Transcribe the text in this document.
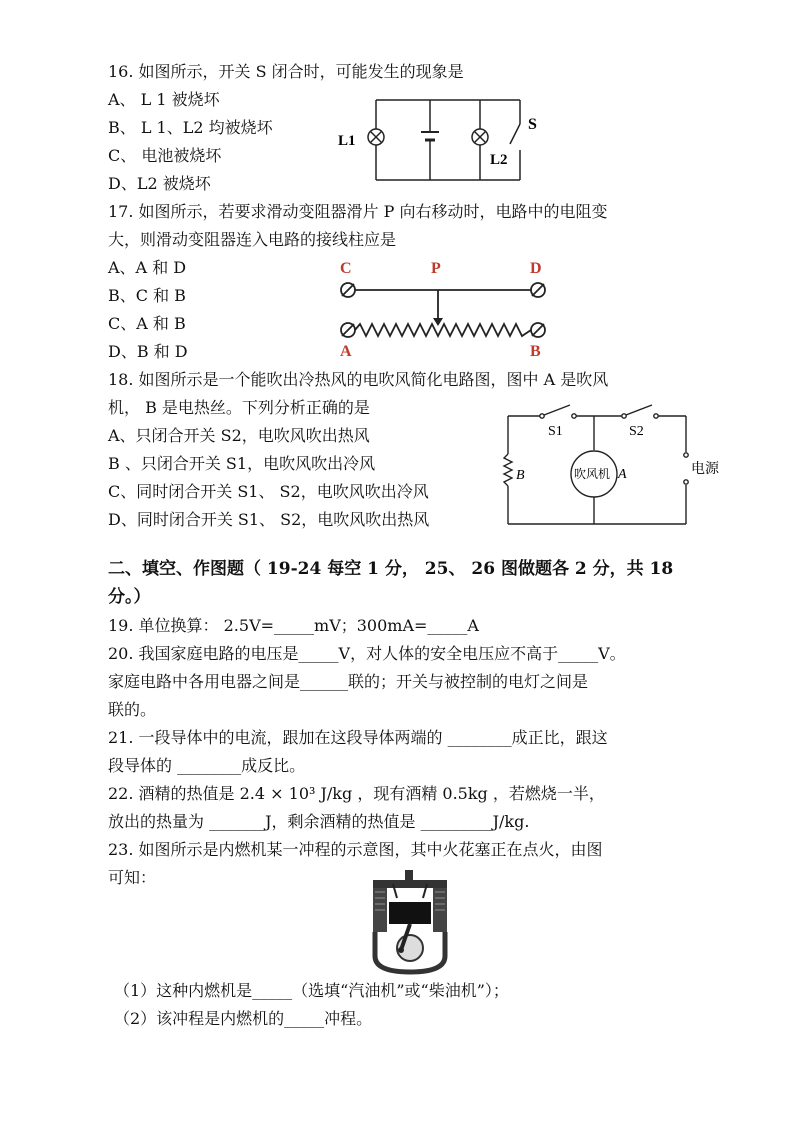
16. 如图所示，开关 S 闭合时，可能发生的现象是
A、 L 1 被烧坏
B、 L 1、L2 均被烧坏
C、 电池被烧坏
D、L2 被烧坏
L1
L2
S
17. 如图所示，若要求滑动变阻器滑片 P 向右移动时，电路中的电阻变
大，则滑动变阻器连入电路的接线柱应是
A、A 和 D
B、C 和 B
C、A 和 B
D、B 和 D
C	P	D
A	B
18. 如图所示是一个能吹出冷热风的电吹风简化电路图，图中 A 是吹风
机， B 是电热丝。下列分析正确的是
A、只闭合开关 S2，电吹风吹出热风
B 、只闭合开关 S1，电吹风吹出冷风
C、同时闭合开关 S1、 S2，电吹风吹出冷风
D、同时闭合开关 S1、 S2，电吹风吹出热风
S1	S2
B	吹风机 A	电源
二、填空、作图题（ 19-24 每空 1 分， 25、 26 图做题各 2 分，共 18
分。）
19. 单位换算： 2.5V=_____mV；300mA=_____A
20. 我国家庭电路的电压是_____V，对人体的安全电压应不高于_____V。
家庭电路中各用电器之间是______联的；开关与被控制的电灯之间是
联的。
21. 一段导体中的电流，跟加在这段导体两端的 ________成正比，跟这
段导体的 ________成反比。
22. 酒精的热值是 2.4 × 10³ J/kg ，现有酒精 0.5kg ，若燃烧一半，
放出的热量为 _______J，剩余酒精的热值是 _________J/kg.
23. 如图所示是内燃机某一冲程的示意图，其中火花塞正在点火，由图
可知：
（1）这种内燃机是_____（选填“汽油机”或“柴油机”）；
（2）该冲程是内燃机的_____冲程。
